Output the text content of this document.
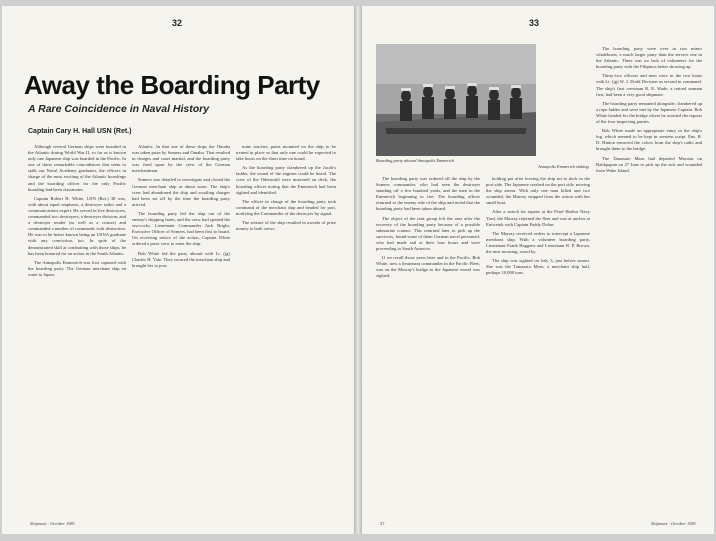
32
Away the Boarding Party
A Rare Coincidence in Naval History
Captain Cary H. Hall USN (Ret.)

Although several German ships were boarded in the Atlantic during World War II, so far as is known only one Japanese ship was boarded in the Pacific. In one of those remarkable coincidences that seem to stalk our Naval Academy graduates, the officers in charge of the most exciting of the Atlantic boardings and the boarding officer for the only Pacific boarding had been classmates.

Captain Robert H. White, USN (Ret.) 38 was, with about equal emphasis, a destroyer sailor and a communications expert. He served in five destroyers, commanded two destroyers, a destroyer division, and a destroyer tender (as well as a cruiser) and commanded a number of commands with distinction. He was to be better known being an USNA graduate with any conviction, too. In spite of the demonstrated skill at combatting with those ships, he has been honored for an action in the South Atlantic.

The Annapolis Emmerich was first captured with the boarding party. The German merchant ship en route to Japan.

Atlantic. In that one of these ships the Omaha was taken prize by Somers and Omaha. That resulted in charges and court martial, and the boarding party was fired upon by the crew of the German merchantman.

Somers was detailed to investigate and closed the German merchant ship at about noon. The ship's crew had abandoned the ship and scuttling charges had been set off by the time the boarding party arrived.

The boarding party led the ship out of the enemy's shipping lanes, and the crew had opened the sea-cocks. Lieutenant Commander Jack Bright, Executive Officer of Somers, had been first to board. On receiving notice of the action, Captain White ordered a prize crew to enter the ship.

Bob White led the party aboard with Lt. (jg) Charles H. Vale. They secured the merchant ship and brought her to port.

mine touches, pains mounted on the ship to be treated in place so that only one could be expected to take hours on the short time on board.

As the boarding party clambered up the Jacob's ladder, the sound of the engines could be heard. The crew of the Odenwald were mustered on deck, the boarding officer noting that the Emmerich had been sighted and identified.

The officer in charge of the boarding party took command of the merchant ship and headed for port, notifying the Commander of the destroyer by signal.

The seizure of the ship resulted in awards of prize money to both crews.

Shipmate · October 1981
33
Boarding party aboard Annapolis Emmerich
Annapolis Emmerich sinking

The boarding party was ordered off the ship by the Somers commander, who had seen the destroyer standing off a few hundred yards, and the men in the Emmerich beginning to fire. The boarding officer returned to the enemy side of the ship and noted that the boarding party had been taken aboard.

The object of the task group left the area after the recovery of the boarding party because of a possible submarine contact. This returned later to pick up the survivors, found some of them German naval personnel, who had made sail at their four hours and were proceeding to South America.

If we recall those years later and in the Pacific, Bob White, now a lieutenant commander in the Pacific Fleet, was on the Murray's bridge as the Japanese vessel was sighted.

holding pot after leaving the ship set to dock in the port side. The Japanese crashed on the port side, moving the ship astern. With only one man killed and two wounded, the Murray stripped from the action with her small boat.

After a search for repairs at the Pearl Harbor Navy Yard, the Murray rejoined the fleet and was at anchor at Eniwetok with Captain Paddy Dolan.

The Murray received orders to intercept a Japanese merchant ship. With a volunteer boarding party, Lieutenant Frank Haggens and Lieutenant R. P. Brown, the next morning, stood by.

The ship was sighted on July 3, just before sunset. She was the Tamasato Maru, a merchant ship hull, perhaps 10,000 tons.

The boarding party were over in two minor whaleboats, a much larger party than the service one in the Atlantic. There was no lack of volunteers for the boarding party with the Filipinos better showing up.

Thirty-two officers and men were in the two boats with Lt. (jg) W. J. Dodd Division as second in command. The ship's first crewman R. E. Wade, a retired seaman first, had been a very good shipmate.

The boarding party remained alongside, clambered up a rope ladder and were met by the Japanese Captain. Bob White headed for the bridge where he awaited the reports of the four inspecting parties.

Bob White made an appropriate entry in the ship's log, which seemed to be kept in western script. Ens. R. D. Hinton removed the colors from the ship's radio and brought them to the bridge.

The Tamasato Maru had departed Morotai on Balikpapan on 27 June to pick up the sick and wounded from Wake Island.

37	Shipmate · October 1981
